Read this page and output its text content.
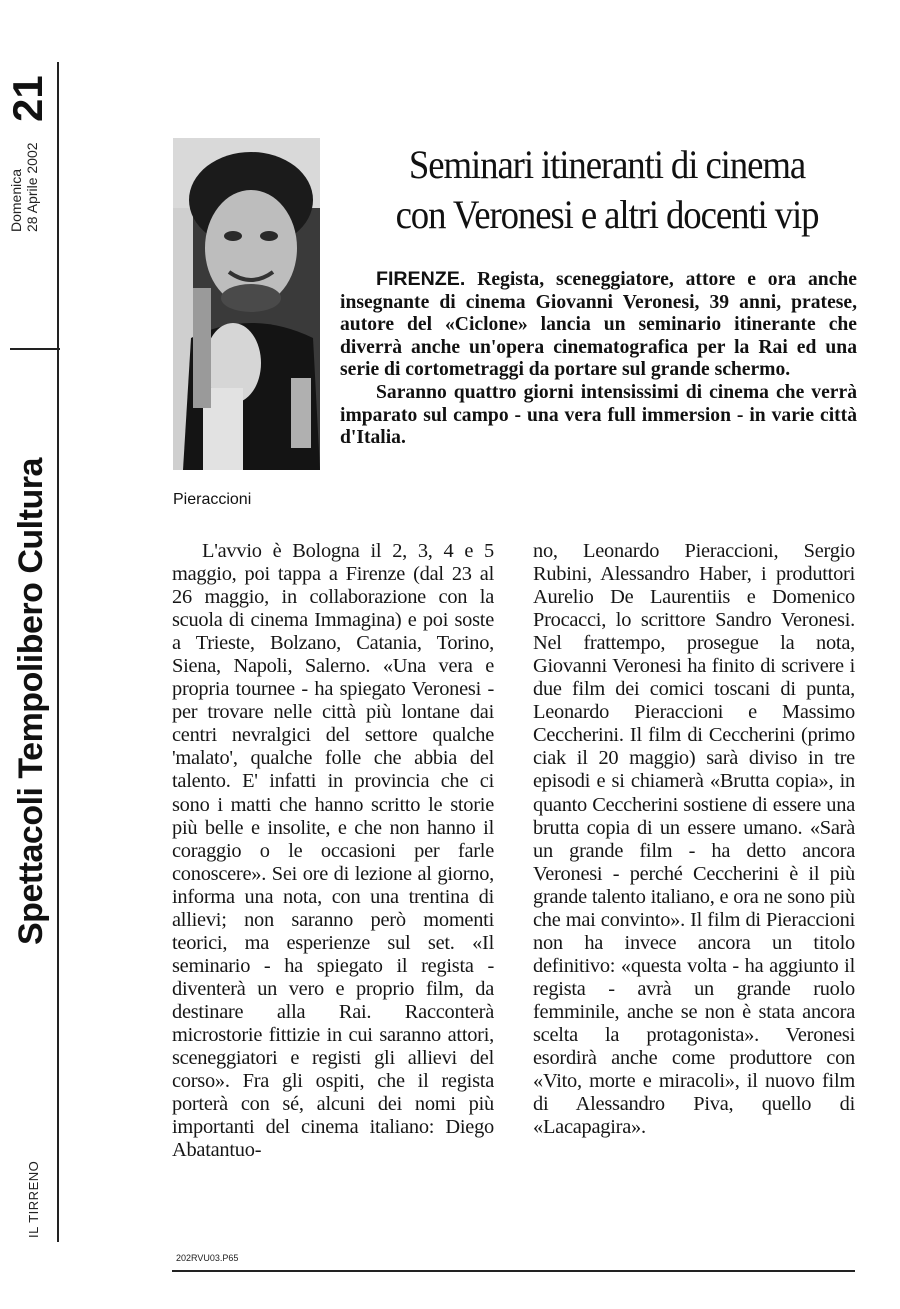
21
Domenica 28 Aprile 2002
Spettacoli Tempolibero Cultura
IL TIRRENO
Pieraccioni
Seminari itineranti di cinema
con Veronesi e altri docenti vip

FIRENZE. Regista, sceneggiatore, attore e ora anche insegnante di cinema Giovanni Veronesi, 39 anni, pratese, autore del «Ciclone» lancia un seminario itinerante che diverrà anche un'opera cinematografica per la Rai ed una serie di cortometraggi da portare sul grande schermo.

Saranno quattro giorni intensissimi di cinema che verrà imparato sul campo - una vera full immersion - in varie città d'Italia.

L'avvio è Bologna il 2, 3, 4 e 5 maggio, poi tappa a Firenze (dal 23 al 26 maggio, in collaborazione con la scuola di cinema Immagina) e poi soste a Trieste, Bolzano, Catania, Torino, Siena, Napoli, Salerno. «Una vera e propria tournee - ha spiegato Veronesi - per trovare nelle città più lontane dai centri nevralgici del settore qualche 'malato', qualche folle che abbia del talento. E' infatti in provincia che ci sono i matti che hanno scritto le storie più belle e insolite, e che non hanno il coraggio o le occasioni per farle conoscere». Sei ore di lezione al giorno, informa una nota, con una trentina di allievi; non saranno però momenti teorici, ma esperienze sul set. «Il seminario - ha spiegato il regista - diventerà un vero e proprio film, da destinare alla Rai. Racconterà microstorie fittizie in cui saranno attori, sceneggiatori e registi gli allievi del corso». Fra gli ospiti, che il regista porterà con sé, alcuni dei nomi più importanti del cinema italiano: Diego Abatantuo-

no, Leonardo Pieraccioni, Sergio Rubini, Alessandro Haber, i produttori Aurelio De Laurentiis e Domenico Procacci, lo scrittore Sandro Veronesi. Nel frattempo, prosegue la nota, Giovanni Veronesi ha finito di scrivere i due film dei comici toscani di punta, Leonardo Pieraccioni e Massimo Ceccherini. Il film di Ceccherini (primo ciak il 20 maggio) sarà diviso in tre episodi e si chiamerà «Brutta copia», in quanto Ceccherini sostiene di essere una brutta copia di un essere umano. «Sarà un grande film - ha detto ancora Veronesi - perché Ceccherini è il più grande talento italiano, e ora ne sono più che mai convinto». Il film di Pieraccioni non ha invece ancora un titolo definitivo: «questa volta - ha aggiunto il regista - avrà un grande ruolo femminile, anche se non è stata ancora scelta la protagonista». Veronesi esordirà anche come produttore con «Vito, morte e miracoli», il nuovo film di Alessandro Piva, quello di «Lacapagira».

202RVU03.P65
